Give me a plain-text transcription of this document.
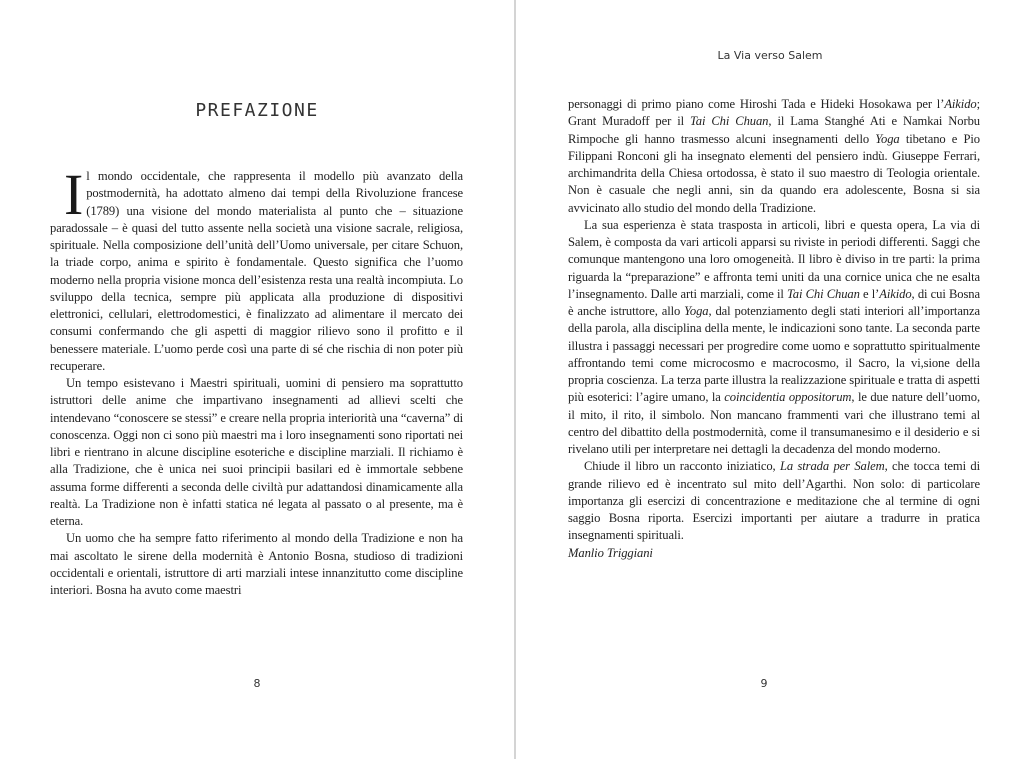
PREFAZIONE

Il mondo occidentale, che rappresenta il modello più avanzato della postmodernità, ha adottato almeno dai tempi della Rivoluzione francese (1789) una visione del mondo materialista al punto che – situazione paradossale – è quasi del tutto assente nella società una visione sacrale, religiosa, spirituale. Nella composizione dell’unità dell’Uomo universale, per citare Schuon, la triade corpo, anima e spirito è fondamentale. Questo significa che l’uomo moderno nella propria visione monca dell’esistenza resta una realtà incompiuta. Lo sviluppo della tecnica, sempre più applicata alla produzione di dispositivi elettronici, cellulari, elettrodomestici, è finalizzato ad alimentare il mercato dei consumi confermando che gli aspetti di maggior rilievo sono il profitto e il benessere materiale. L’uomo perde così una parte di sé che rischia di non poter più recuperare.

Un tempo esistevano i Maestri spirituali, uomini di pensiero ma soprattutto istruttori delle anime che impartivano insegnamenti ad allievi scelti che intendevano “conoscere se stessi” e creare nella propria interiorità una “caverna” di conoscenza. Oggi non ci sono più maestri ma i loro insegnamenti sono riportati nei libri e rientrano in alcune discipline esoteriche e discipline marziali. Il richiamo è alla Tradizione, che è unica nei suoi principii basilari ed è immortale sebbene assuma forme differenti a seconda delle civiltà pur adattandosi dinamicamente alla realtà. La Tradizione non è infatti statica né legata al passato o al presente, ma è eterna.

Un uomo che ha sempre fatto riferimento al mondo della Tradizione e non ha mai ascoltato le sirene della modernità è Antonio Bosna, studioso di tradizioni occidentali e orientali, istruttore di arti marziali intese innanzitutto come discipline interiori. Bosna ha avuto come maestri

8
La Via verso Salem

personaggi di primo piano come Hiroshi Tada e Hideki Hosokawa per l’Aikido; Grant Muradoff per il Tai Chi Chuan, il Lama Stanghé Ati e Namkai Norbu Rimpoche gli hanno trasmesso alcuni insegnamenti dello Yoga tibetano e Pio Filippani Ronconi gli ha insegnato elementi del pensiero indù. Giuseppe Ferrari, archimandrita della Chiesa ortodossa, è stato il suo maestro di Teologia orientale. Non è casuale che negli anni, sin da quando era adolescente, Bosna si sia avvicinato allo studio del mondo della Tradizione.

La sua esperienza è stata trasposta in articoli, libri e questa opera, La via di Salem, è composta da vari articoli apparsi su riviste in periodi differenti. Saggi che comunque mantengono una loro omogeneità. Il libro è diviso in tre parti: la prima riguarda la “preparazione” e affronta temi uniti da una cornice unica che ne esalta l’insegnamento. Dalle arti marziali, come il Tai Chi Chuan e l’Aikido, di cui Bosna è anche istruttore, allo Yoga, dal potenziamento degli stati interiori all’importanza della parola, alla disciplina della mente, le indicazioni sono tante. La seconda parte illustra i passaggi necessari per progredire come uomo e soprattutto spiritualmente affrontando temi come microcosmo e macrocosmo, il Sacro, la vi,sione della propria coscienza. La terza parte illustra la realizzazione spirituale e tratta di aspetti più esoterici: l’agire umano, la coincidentia oppositorum, le due nature dell’uomo, il mito, il rito, il simbolo. Non mancano frammenti vari che illustrano temi al centro del dibattito della postmodernità, come il transumanesimo e il desiderio e si rivelano utili per interpretare nei dettagli la decadenza del mondo moderno.

Chiude il libro un racconto iniziatico, La strada per Salem, che tocca temi di grande rilievo ed è incentrato sul mito dell’Agarthi. Non solo: di particolare importanza gli esercizi di concentrazione e meditazione che al termine di ogni saggio Bosna riporta. Esercizi importanti per aiutare a tradurre in pratica insegnamenti spirituali.

Manlio Triggiani

9
